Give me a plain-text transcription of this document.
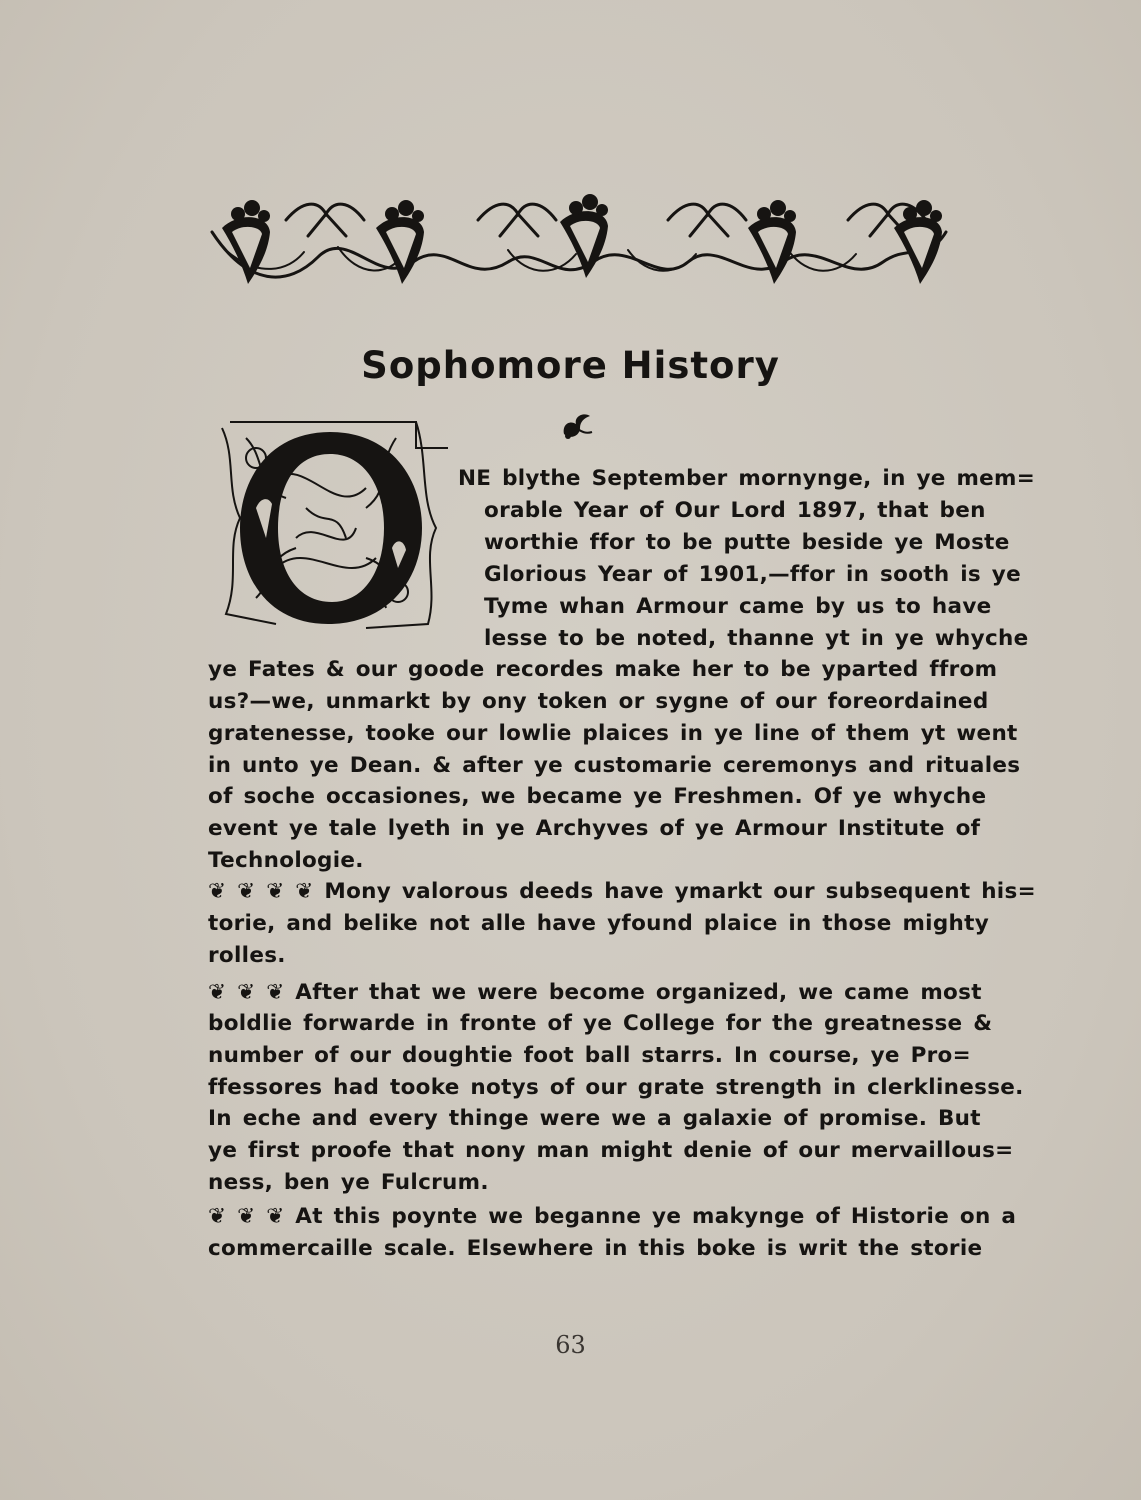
Sophomore History
NE blythe September mornynge, in ye mem=
orable Year of Our Lord 1897, that ben
worthie ffor to be putte beside ye Moste
Glorious Year of 1901,—ffor in sooth is ye
Tyme whan Armour came by us to have
lesse to be noted, thanne yt in ye whyche
ye Fates & our goode recordes make her to be yparted ffrom
us?—we, unmarkt by ony token or sygne of our foreordained
gratenesse, tooke our lowlie plaices in ye line of them yt went
in unto ye Dean. & after ye customarie ceremonys and rituales
of soche occasiones, we became ye Freshmen. Of ye whyche
event ye tale lyeth in ye Archyves of ye Armour Institute of
Technologie.
❦ ❦ ❦ ❦ Mony valorous deeds have ymarkt our subsequent his=
torie, and belike not alle have yfound plaice in those mighty
rolles.
❦ ❦ ❦ After that we were become organized, we came most
boldlie forwarde in fronte of ye College for the greatnesse &
number of our doughtie foot ball starrs. In course, ye Pro=
ffessores had tooke notys of our grate strength in clerklinesse.
In eche and every thinge were we a galaxie of promise. But
ye first proofe that nony man might denie of our mervaillous=
ness, ben ye Fulcrum.
❦ ❦ ❦ At this poynte we beganne ye makynge of Historie on a
commercaille scale. Elsewhere in this boke is writ the storie
63
